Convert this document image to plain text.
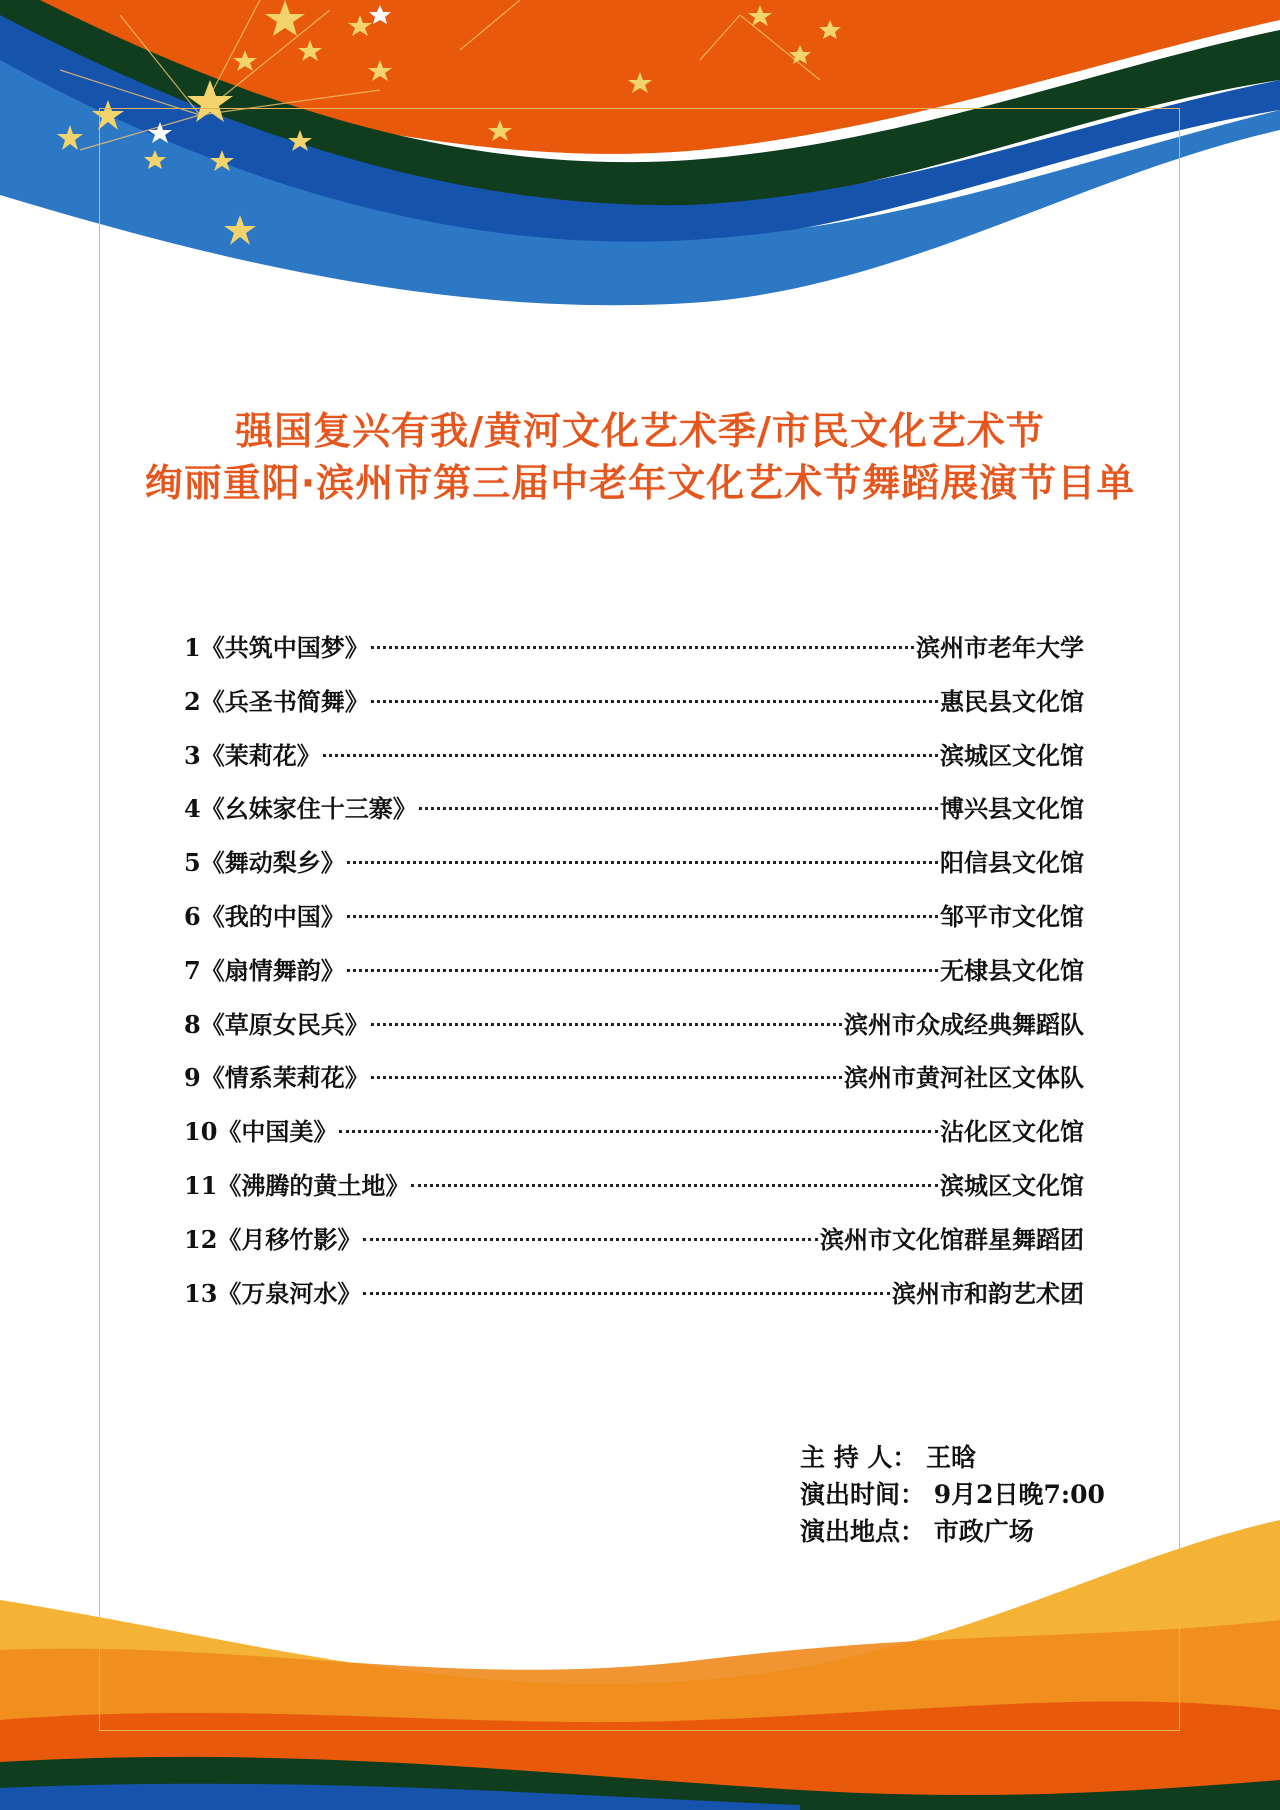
强国复兴有我/黄河文化艺术季/市民文化艺术节
绚丽重阳·滨州市第三届中老年文化艺术节舞蹈展演节目单
1 《共筑中国梦》	滨州市老年大学
2 《兵圣书简舞》	惠民县文化馆
3 《茉莉花》	滨城区文化馆
4 《幺妹家住十三寨》	博兴县文化馆
5 《舞动梨乡》	阳信县文化馆
6 《我的中国》	邹平市文化馆
7 《扇情舞韵》	无棣县文化馆
8 《草原女民兵》	滨州市众成经典舞蹈队
9 《情系茉莉花》	滨州市黄河社区文体队
10 《中国美》	沾化区文化馆
11 《沸腾的黄土地》	滨城区文化馆
12 《月移竹影》	滨州市文化馆群星舞蹈团
13 《万泉河水》	滨州市和韵艺术团
主 持 人： 王晗
演出时间： 9月2日晚7:00
演出地点： 市政广场
